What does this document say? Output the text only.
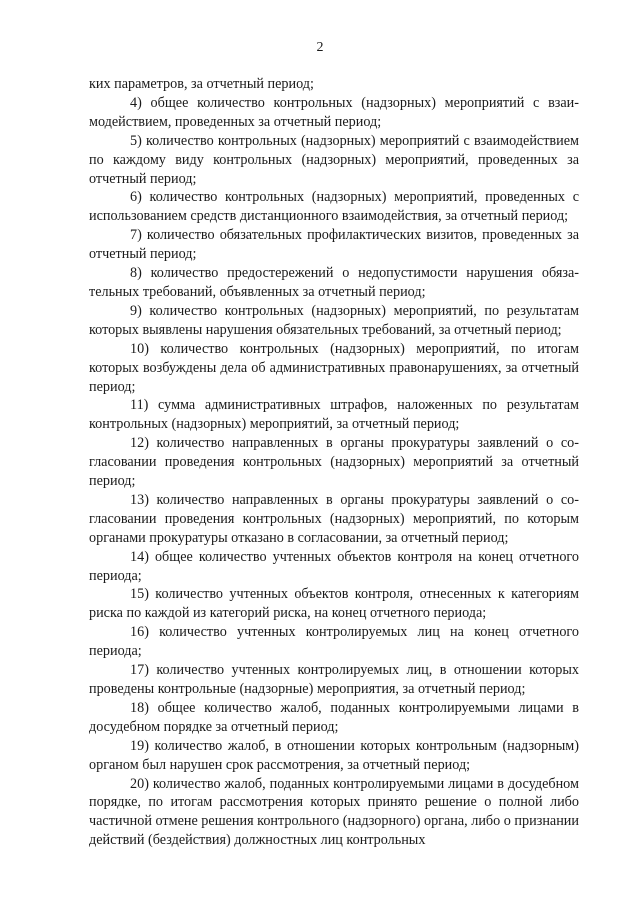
2

ких параметров, за отчетный период;

4) общее количество контрольных (надзорных) мероприятий с взаимодействием, проведенных за отчетный период;

5) количество контрольных (надзорных) мероприятий с взаимодействием по каждому виду контрольных (надзорных) мероприятий, проведенных за отчетный период;

6) количество контрольных (надзорных) мероприятий, проведенных с использованием средств дистанционного взаимодействия, за отчетный период;

7) количество обязательных профилактических визитов, проведенных за отчетный период;

8) количество предостережений о недопустимости нарушения обязательных требований, объявленных за отчетный период;

9) количество контрольных (надзорных) мероприятий, по результатам которых выявлены нарушения обязательных требований, за отчетный период;

10) количество контрольных (надзорных) мероприятий, по итогам которых возбуждены дела об административных правонарушениях, за отчетный период;

11) сумма административных штрафов, наложенных по результатам контрольных (надзорных) мероприятий, за отчетный период;

12) количество направленных в органы прокуратуры заявлений о согласовании проведения контрольных (надзорных) мероприятий за отчетный период;

13) количество направленных в органы прокуратуры заявлений о согласовании проведения контрольных (надзорных) мероприятий, по которым органами прокуратуры отказано в согласовании, за отчетный период;

14) общее количество учтенных объектов контроля на конец отчетного периода;

15) количество учтенных объектов контроля, отнесенных к категориям риска по каждой из категорий риска, на конец отчетного периода;

16) количество учтенных контролируемых лиц на конец отчетного периода;

17) количество учтенных контролируемых лиц, в отношении которых проведены контрольные (надзорные) мероприятия, за отчетный период;

18) общее количество жалоб, поданных контролируемыми лицами в досудебном порядке за отчетный период;

19) количество жалоб, в отношении которых контрольным (надзорным) органом был нарушен срок рассмотрения, за отчетный период;

20) количество жалоб, поданных контролируемыми лицами в досудебном порядке, по итогам рассмотрения которых принято решение о полной либо частичной отмене решения контрольного (надзорного) органа, либо о признании действий (бездействия) должностных лиц контрольных
